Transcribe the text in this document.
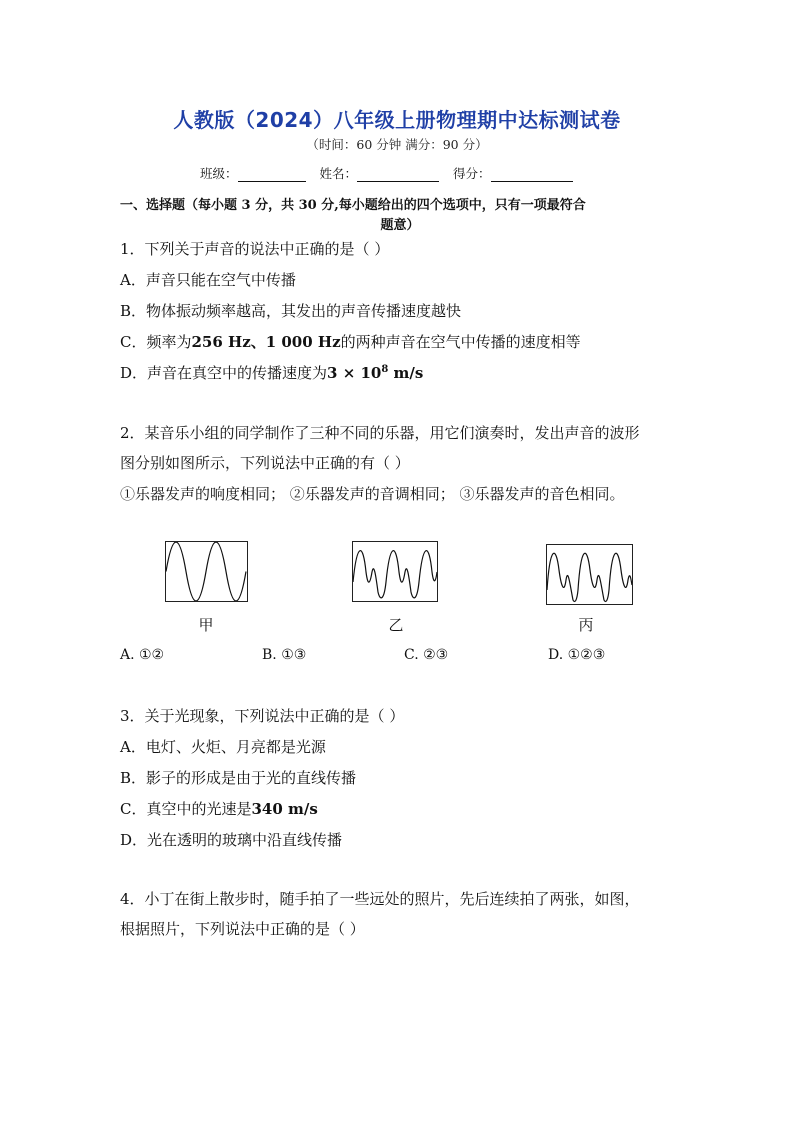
人教版（2024）八年级上册物理期中达标测试卷
（时间：60 分钟 满分：90 分）
班级：	姓名：	得分：
一、选择题（每小题 3 分，共 30 分,每小题给出的四个选项中，只有一项最符合
题意）
1．下列关于声音的说法中正确的是（ ）
A．声音只能在空气中传播
B．物体振动频率越高，其发出的声音传播速度越快
C．频率为256 Hz、1 000 Hz的两种声音在空气中传播的速度相等
D．声音在真空中的传播速度为$3 \times 10^8$ m/s
2．某音乐小组的同学制作了三种不同的乐器，用它们演奏时，发出声音的波形
图分别如图所示，下列说法中正确的有（ ）
①乐器发声的响度相同； ②乐器发声的音调相同； ③乐器发声的音色相同。
甲	乙	丙
A. ①②	B. ①③	C. ②③	D. ①②③
3．关于光现象，下列说法中正确的是（ ）
A．电灯、火炬、月亮都是光源
B．影子的形成是由于光的直线传播
C．真空中的光速是340 m/s
D．光在透明的玻璃中沿直线传播
4．小丁在街上散步时，随手拍了一些远处的照片，先后连续拍了两张，如图，
根据照片，下列说法中正确的是（ ）
